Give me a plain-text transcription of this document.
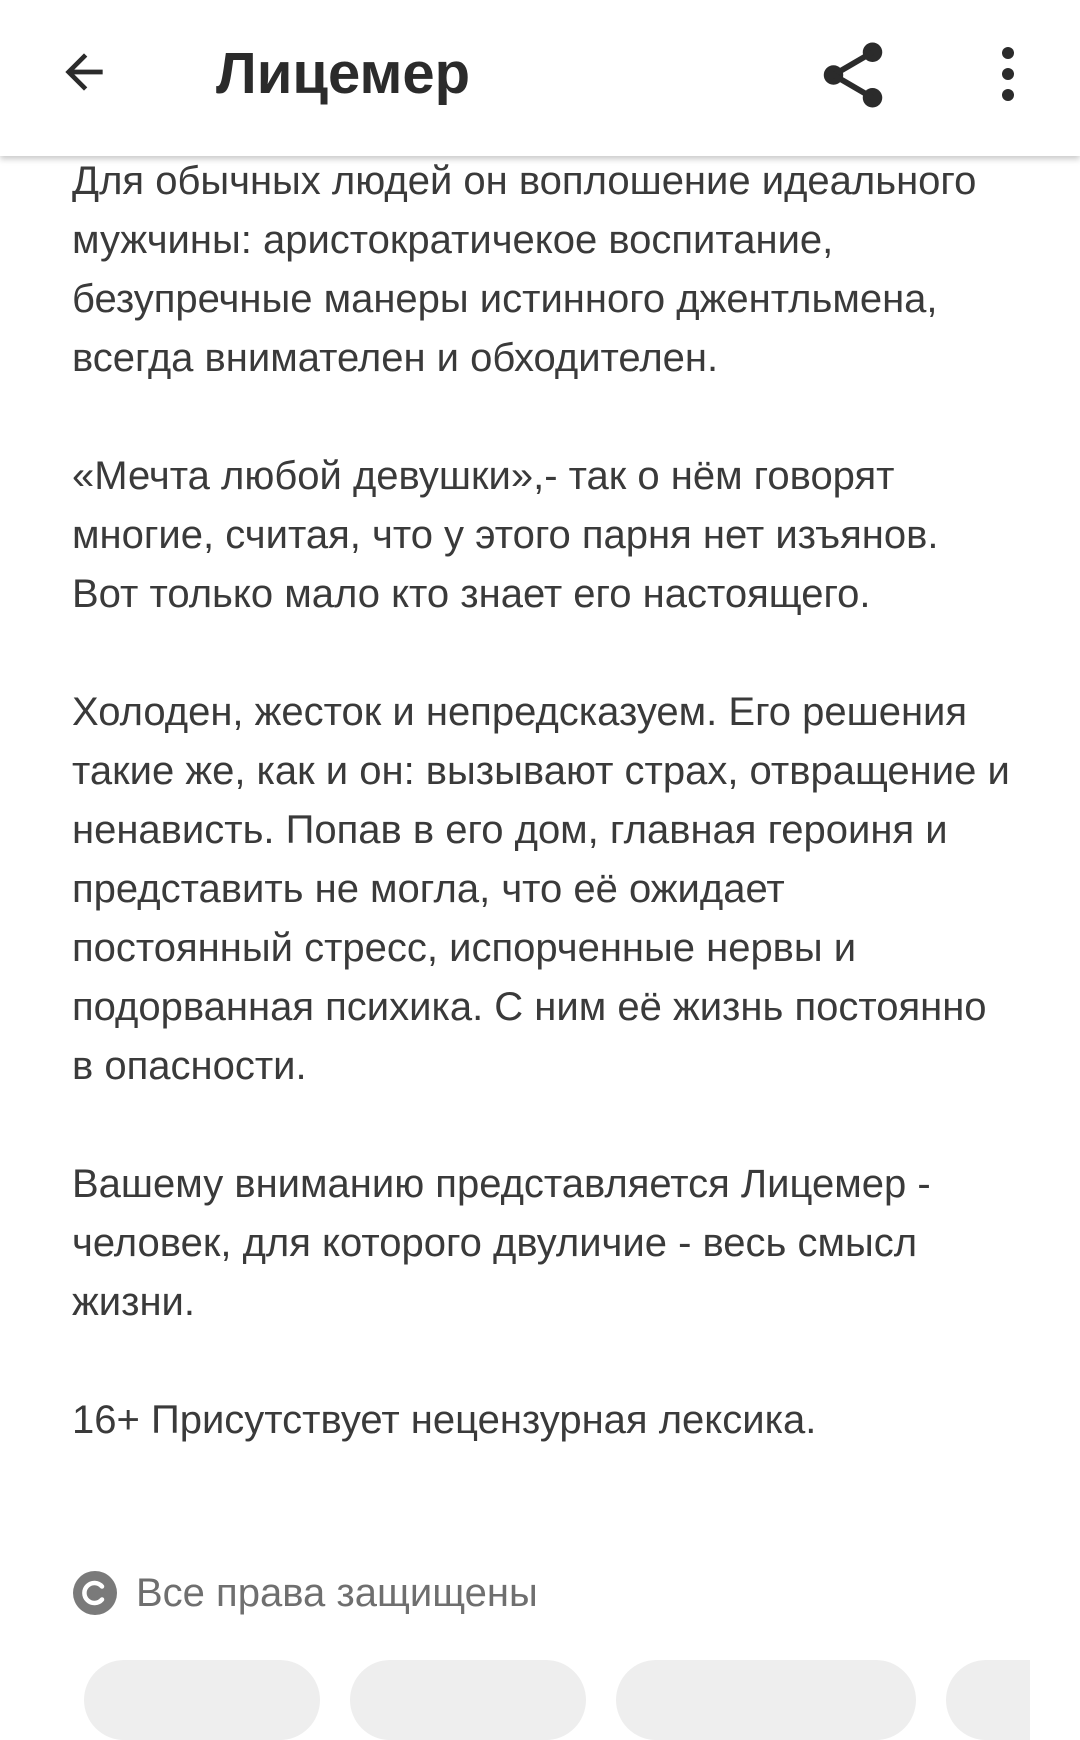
Лицемер

Для обычных людей он воплошение идеального мужчины: аристократичекое воспитание, безупречные манеры истинного джентльмена, всегда внимателен и обходителен.

«Мечта любой девушки»,- так о нём говорят многие, считая, что у этого парня нет изъянов. Вот только мало кто знает его настоящего.

Холоден, жесток и непредсказуем. Его решения такие же, как и он: вызывают страх, отвращение и ненависть. Попав в его дом, главная героиня и представить не могла, что её ожидает постоянный стресс, испорченные нервы и подорванная психика. С ним её жизнь постоянно в опасности.

Вашему вниманию представляется Лицемер - человек, для которого двуличие - весь смысл жизни.

16+ Присутствует нецензурная лексика.

Все права защищены
